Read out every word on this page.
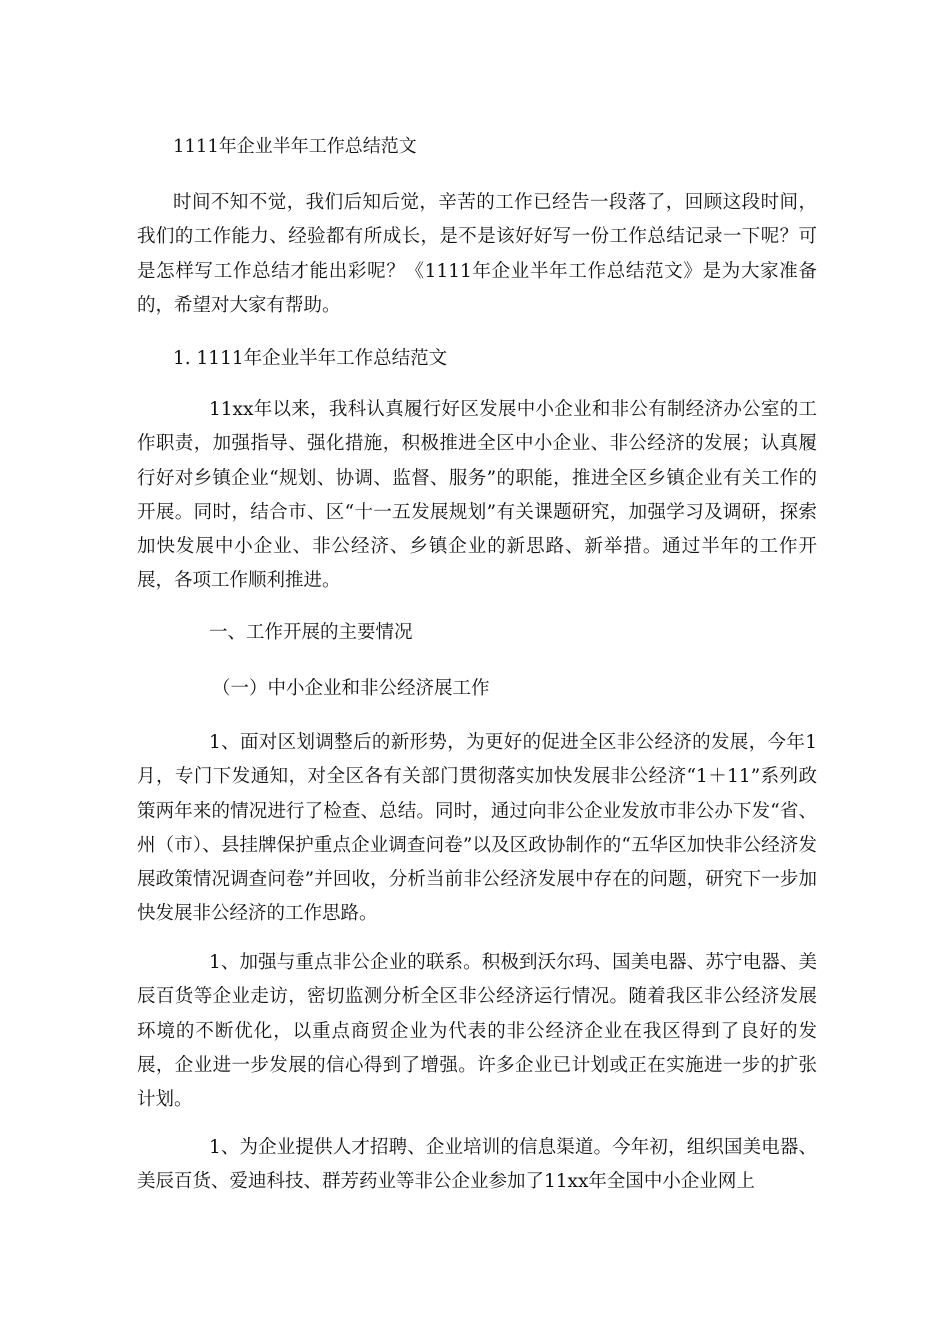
1111年企业半年工作总结范文

时间不知不觉，我们后知后觉，辛苦的工作已经告一段落了，回顾这段时间，我们的工作能力、经验都有所成长，是不是该好好写一份工作总结记录一下呢？可是怎样写工作总结才能出彩呢？《1111年企业半年工作总结范文》是为大家准备的，希望对大家有帮助。

1. 1111年企业半年工作总结范文

11xx年以来，我科认真履行好区发展中小企业和非公有制经济办公室的工作职责，加强指导、强化措施，积极推进全区中小企业、非公经济的发展；认真履行好对乡镇企业“规划、协调、监督、服务”的职能，推进全区乡镇企业有关工作的开展。同时，结合市、区“十一五发展规划”有关课题研究，加强学习及调研，探索加快发展中小企业、非公经济、乡镇企业的新思路、新举措。通过半年的工作开展，各项工作顺利推进。

一、工作开展的主要情况
（一）中小企业和非公经济展工作

1、面对区划调整后的新形势，为更好的促进全区非公经济的发展，今年1月，专门下发通知，对全区各有关部门贯彻落实加快发展非公经济“1＋11”系列政策两年来的情况进行了检查、总结。同时，通过向非公企业发放市非公办下发“省、州（市）、县挂牌保护重点企业调查问卷”以及区政协制作的“五华区加快非公经济发展政策情况调查问卷”并回收，分析当前非公经济发展中存在的问题，研究下一步加快发展非公经济的工作思路。

1、加强与重点非公企业的联系。积极到沃尔玛、国美电器、苏宁电器、美辰百货等企业走访，密切监测分析全区非公经济运行情况。随着我区非公经济发展环境的不断优化，以重点商贸企业为代表的非公经济企业在我区得到了良好的发展，企业进一步发展的信心得到了增强。许多企业已计划或正在实施进一步的扩张计划。

1、为企业提供人才招聘、企业培训的信息渠道。今年初，组织国美电器、美辰百货、爱迪科技、群芳药业等非公企业参加了11xx年全国中小企业网上
